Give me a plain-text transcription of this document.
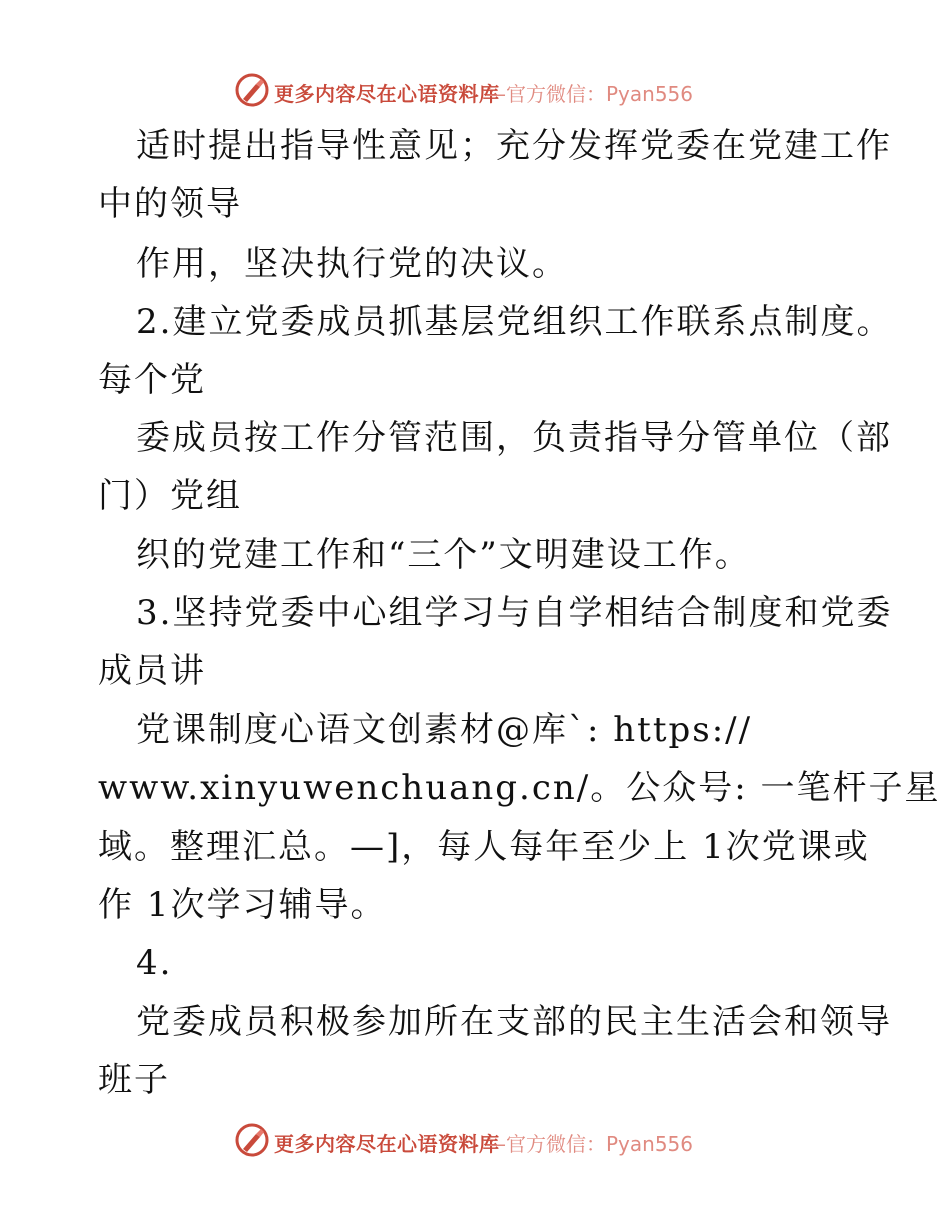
更多内容尽在心语资料库
—官方微信：Pyan556
适时提出指导性意见；充分发挥党委在党建工作
中的领导
作用，坚决执行党的决议。
2.建立党委成员抓基层党组织工作联系点制度。
每个党
委成员按工作分管范围，负责指导分管单位（部
门）党组
织的党建工作和“三个”文明建设工作。
3.坚持党委中心组学习与自学相结合制度和党委
成员讲
党课制度心语文创素材@库`: https://
www.xinyuwenchuang.cn/。公众号: 一笔杆子星
域。整理汇总。—]，每人每年至少上 1次党课或
作 1次学习辅导。
4.
党委成员积极参加所在支部的民主生活会和领导
班子
更多内容尽在心语资料库
—官方微信：Pyan556
